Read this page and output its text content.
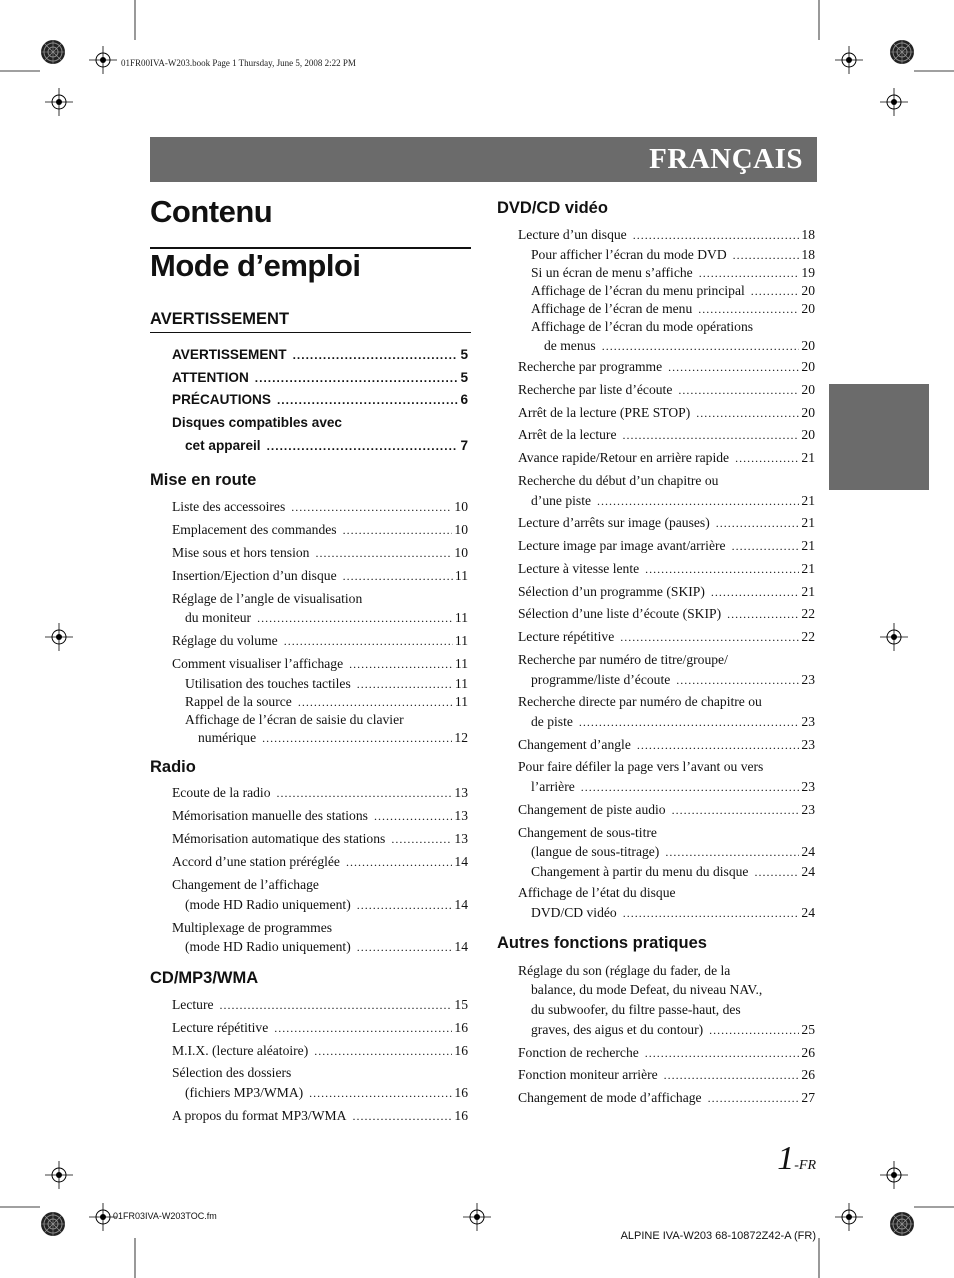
01FR00IVA-W203.book Page 1 Thursday, June 5, 2008 2:22 PM
FRANÇAIS
Contenu
Mode d’emploi
AVERTISSEMENT
AVERTISSEMENT .....	5
ATTENTION .....	5
PRÉCAUTIONS .....	6
Disques compatibles avec
cet appareil .....	7
Mise en route
Liste des accessoires .....	10
Emplacement des commandes .....	10
Mise sous et hors tension .....	10
Insertion/Ejection d’un disque .....	11
Réglage de l’angle de visualisation
du moniteur .....	11
Réglage du volume .....	11
Comment visualiser l’affichage .....	11
Utilisation des touches tactiles .....	11
Rappel de la source .....	11
Affichage de l’écran de saisie du clavier
numérique .....	12
Radio
Ecoute de la radio .....	13
Mémorisation manuelle des stations .....	13
Mémorisation automatique des stations .....	13
Accord d’une station préréglée .....	14
Changement de l’affichage
(mode HD Radio uniquement) .....	14
Multiplexage de programmes
(mode HD Radio uniquement) .....	14
CD/MP3/WMA
Lecture .....	15
Lecture répétitive .....	16
M.I.X. (lecture aléatoire) .....	16
Sélection des dossiers
(fichiers MP3/WMA) .....	16
A propos du format MP3/WMA .....	16
DVD/CD vidéo
Lecture d’un disque .....	18
Pour afficher l’écran du mode DVD .....	18
Si un écran de menu s’affiche .....	19
Affichage de l’écran du menu principal .....	20
Affichage de l’écran de menu .....	20
Affichage de l’écran du mode opérations
de menus .....	20
Recherche par programme .....	20
Recherche par liste d’écoute .....	20
Arrêt de la lecture (PRE STOP) .....	20
Arrêt de la lecture .....	20
Avance rapide/Retour en arrière rapide .....	21
Recherche du début d’un chapitre ou
d’une piste .....	21
Lecture d’arrêts sur image (pauses) .....	21
Lecture image par image avant/arrière .....	21
Lecture à vitesse lente .....	21
Sélection d’un programme (SKIP) .....	21
Sélection d’une liste d’écoute (SKIP) .....	22
Lecture répétitive .....	22
Recherche par numéro de titre/groupe/
programme/liste d’écoute .....	23
Recherche directe par numéro de chapitre ou
de piste .....	23
Changement d’angle .....	23
Pour faire défiler la page vers l’avant ou vers
l’arrière .....	23
Changement de piste audio .....	23
Changement de sous-titre
(langue de sous-titrage) .....	24
Changement à partir du menu du disque .....	24
Affichage de l’état du disque
DVD/CD vidéo .....	24
Autres fonctions pratiques
Réglage du son (réglage du fader, de la
balance, du mode Defeat, du niveau NAV.,
du subwoofer, du filtre passe-haut, des
graves, des aigus et du contour) .....	25
Fonction de recherche .....	26
Fonction moniteur arrière .....	26
Changement de mode d’affichage .....	27
1-FR
01FR03IVA-W203TOC.fm
ALPINE IVA-W203 68-10872Z42-A (FR)
